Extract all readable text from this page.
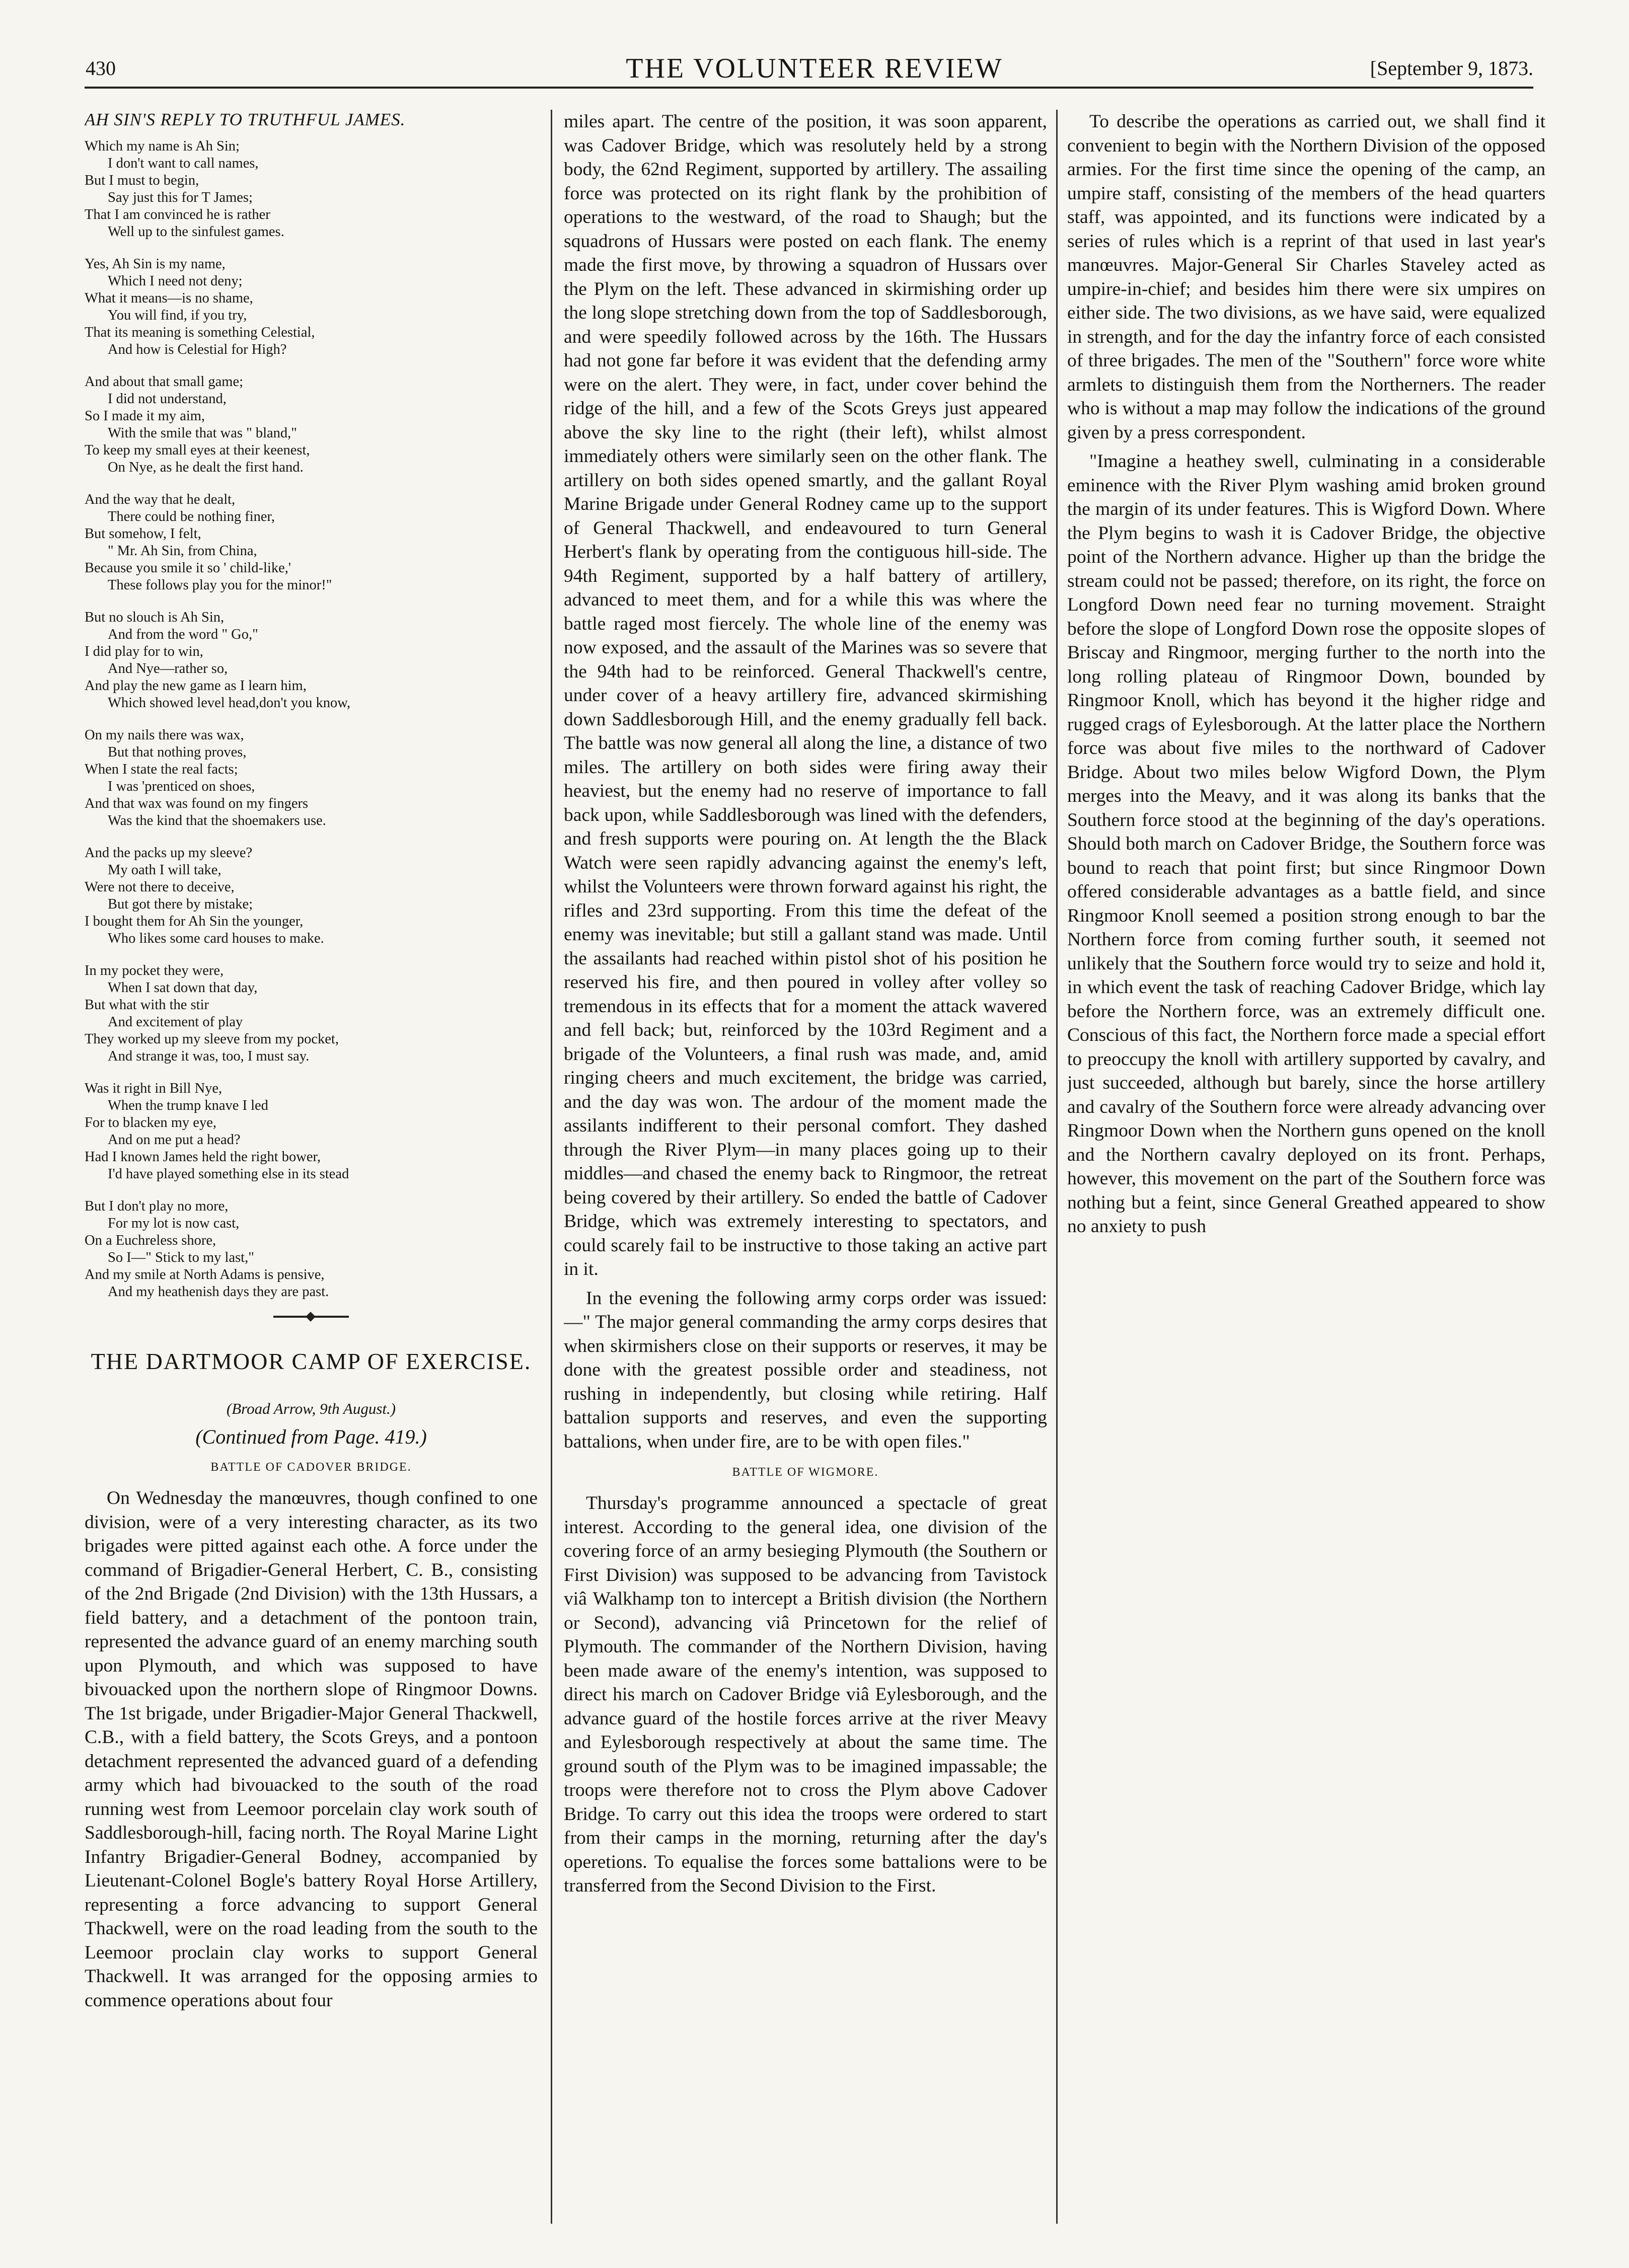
430	THE VOLUNTEER REVIEW	[September 9, 1873.
AH SIN'S REPLY TO TRUTHFUL JAMES.
Which my name is Ah Sin;
I don't want to call names,
But I must to begin,
Say just this for T James;
That I am convinced he is rather
Well up to the sinfulest games.
Yes, Ah Sin is my name,
Which I need not deny;
What it means—is no shame,
You will find, if you try,
That its meaning is something Celestial,
And how is Celestial for High?
And about that small game;
I did not understand,
So I made it my aim,
With the smile that was " bland,"
To keep my small eyes at their keenest,
On Nye, as he dealt the first hand.
And the way that he dealt,
There could be nothing finer,
But somehow, I felt,
" Mr. Ah Sin, from China,
Because you smile it so ' child-like,'
These follows play you for the minor!"
But no slouch is Ah Sin,
And from the word " Go,"
I did play for to win,
And Nye—rather so,
And play the new game as I learn him,
Which showed level head,don't you know,
On my nails there was wax,
But that nothing proves,
When I state the real facts;
I was 'prenticed on shoes,
And that wax was found on my fingers
Was the kind that the shoemakers use.
And the packs up my sleeve?
My oath I will take,
Were not there to deceive,
But got there by mistake;
I bought them for Ah Sin the younger,
Who likes some card houses to make.
In my pocket they were,
When I sat down that day,
But what with the stir
And excitement of play
They worked up my sleeve from my pocket,
And strange it was, too, I must say.
Was it right in Bill Nye,
When the trump knave I led
For to blacken my eye,
And on me put a head?
Had I known James held the right bower,
I'd have played something else in its stead
But I don't play no more,
For my lot is now cast,
On a Euchreless shore,
So I—" Stick to my last,"
And my smile at North Adams is pensive,
And my heathenish days they are past.
THE DARTMOOR CAMP OF EXERCISE.
(Broad Arrow, 9th August.)
(Continued from Page. 419.)
BATTLE OF CADOVER BRIDGE.

On Wednesday the manœuvres, though confined to one division, were of a very interesting character, as its two brigades were pitted against each othe. A force under the command of Brigadier-General Herbert, C. B., consisting of the 2nd Brigade (2nd Division) with the 13th Hussars, a field battery, and a detachment of the pontoon train, represented the advance guard of an enemy marching south upon Plymouth, and which was supposed to have bivouacked upon the northern slope of Ringmoor Downs. The 1st brigade, under Brigadier-Major General Thackwell, C.B., with a field battery, the Scots Greys, and a pontoon detachment represented the advanced guard of a defending army which had bivouacked to the south of the road running west from Leemoor porcelain clay work south of Saddlesborough-hill, facing north. The Royal Marine Light Infantry Brigadier-General Bodney, accompanied by Lieutenant-Colonel Bogle's battery Royal Horse Artillery, representing a force advancing to support General Thackwell, were on the road leading from the south to the Leemoor proclain clay works to support General Thackwell. It was arranged for the opposing armies to commence operations about four

miles apart. The centre of the position, it was soon apparent, was Cadover Bridge, which was resolutely held by a strong body, the 62nd Regiment, supported by artillery. The assailing force was protected on its right flank by the prohibition of operations to the westward, of the road to Shaugh; but the squadrons of Hussars were posted on each flank. The enemy made the first move, by throwing a squadron of Hussars over the Plym on the left. These advanced in skirmishing order up the long slope stretching down from the top of Saddlesborough, and were speedily followed across by the 16th. The Hussars had not gone far before it was evident that the defending army were on the alert. They were, in fact, under cover behind the ridge of the hill, and a few of the Scots Greys just appeared above the sky line to the right (their left), whilst almost immediately others were similarly seen on the other flank. The artillery on both sides opened smartly, and the gallant Royal Marine Brigade under General Rodney came up to the support of General Thackwell, and endeavoured to turn General Herbert's flank by operating from the contiguous hill-side. The 94th Regiment, supported by a half battery of artillery, advanced to meet them, and for a while this was where the battle raged most fiercely. The whole line of the enemy was now exposed, and the assault of the Marines was so severe that the 94th had to be reinforced. General Thackwell's centre, under cover of a heavy artillery fire, advanced skirmishing down Saddlesborough Hill, and the enemy gradually fell back. The battle was now general all along the line, a distance of two miles. The artillery on both sides were firing away their heaviest, but the enemy had no reserve of importance to fall back upon, while Saddlesborough was lined with the defenders, and fresh supports were pouring on. At length the the Black Watch were seen rapidly advancing against the enemy's left, whilst the Volunteers were thrown forward against his right, the rifles and 23rd supporting. From this time the defeat of the enemy was inevitable; but still a gallant stand was made. Until the assailants had reached within pistol shot of his position he reserved his fire, and then poured in volley after volley so tremendous in its effects that for a moment the attack wavered and fell back; but, reinforced by the 103rd Regiment and a brigade of the Volunteers, a final rush was made, and, amid ringing cheers and much excitement, the bridge was carried, and the day was won. The ardour of the moment made the assilants indifferent to their personal comfort. They dashed through the River Plym—in many places going up to their middles—and chased the enemy back to Ringmoor, the retreat being covered by their artillery. So ended the battle of Cadover Bridge, which was extremely interesting to spectators, and could scarely fail to be instructive to those taking an active part in it.

In the evening the following army corps order was issued:—" The major general commanding the army corps desires that when skirmishers close on their supports or reserves, it may be done with the greatest possible order and steadiness, not rushing in independently, but closing while retiring. Half battalion supports and reserves, and even the supporting battalions, when under fire, are to be with open files."

BATTLE OF WIGMORE.

Thursday's programme announced a spectacle of great interest. According to the general idea, one division of the covering force of an army besieging Plymouth (the Southern or First Division) was supposed to be advancing from Tavistock viâ Walkhamp ton to intercept a British division (the Northern or Second), advancing viâ Princetown for the relief of Plymouth. The commander of the Northern Division, having been made aware of the enemy's intention, was supposed to direct his march on Cadover Bridge viâ Eylesborough, and the advance guard of the hostile forces arrive at the river Meavy and Eylesborough respectively at about the same time. The ground south of the Plym was to be imagined impassable; the troops were therefore not to cross the Plym above Cadover Bridge. To carry out this idea the troops were ordered to start from their camps in the morning, returning after the day's operetions. To equalise the forces some battalions were to be transferred from the Second Division to the First.

To describe the operations as carried out, we shall find it convenient to begin with the Northern Division of the opposed armies. For the first time since the opening of the camp, an umpire staff, consisting of the members of the head quarters staff, was appointed, and its functions were indicated by a series of rules which is a reprint of that used in last year's manœuvres. Major-General Sir Charles Staveley acted as umpire-in-chief; and besides him there were six umpires on either side. The two divisions, as we have said, were equalized in strength, and for the day the infantry force of each consisted of three brigades. The men of the "Southern" force wore white armlets to distinguish them from the Northerners. The reader who is without a map may follow the indications of the ground given by a press correspondent.

"Imagine a heathey swell, culminating in a considerable eminence with the River Plym washing amid broken ground the margin of its under features. This is Wigford Down. Where the Plym begins to wash it is Cadover Bridge, the objective point of the Northern advance. Higher up than the bridge the stream could not be passed; therefore, on its right, the force on Longford Down need fear no turning movement. Straight before the slope of Longford Down rose the opposite slopes of Briscay and Ringmoor, merging further to the north into the long rolling plateau of Ringmoor Down, bounded by Ringmoor Knoll, which has beyond it the higher ridge and rugged crags of Eylesborough. At the latter place the Northern force was about five miles to the northward of Cadover Bridge. About two miles below Wigford Down, the Plym merges into the Meavy, and it was along its banks that the Southern force stood at the beginning of the day's operations. Should both march on Cadover Bridge, the Southern force was bound to reach that point first; but since Ringmoor Down offered considerable advantages as a battle field, and since Ringmoor Knoll seemed a position strong enough to bar the Northern force from coming further south, it seemed not unlikely that the Southern force would try to seize and hold it, in which event the task of reaching Cadover Bridge, which lay before the Northern force, was an extremely difficult one. Conscious of this fact, the Northern force made a special effort to preoccupy the knoll with artillery supported by cavalry, and just succeeded, although but barely, since the horse artillery and cavalry of the Southern force were already advancing over Ringmoor Down when the Northern guns opened on the knoll and the Northern cavalry deployed on its front. Perhaps, however, this movement on the part of the Southern force was nothing but a feint, since General Greathed appeared to show no anxiety to push
